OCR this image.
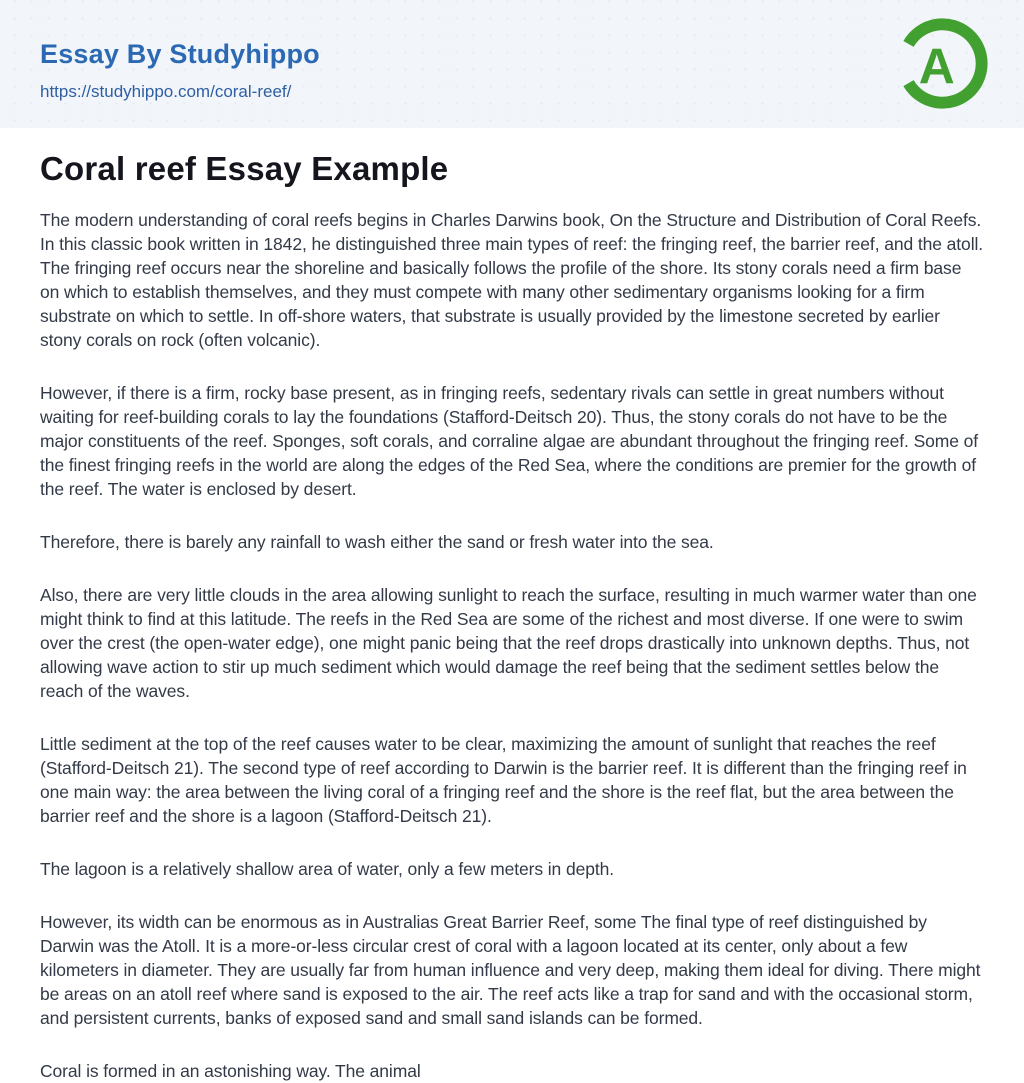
Essay By Studyhippo
https://studyhippo.com/coral-reef/	A
Coral reef Essay Example

The modern understanding of coral reefs begins in Charles Darwins book, On the Structure and Distribution of Coral Reefs. In this classic book written in 1842, he distinguished three main types of reef: the fringing reef, the barrier reef, and the atoll. The fringing reef occurs near the shoreline and basically follows the profile of the shore. Its stony corals need a firm base on which to establish themselves, and they must compete with many other sedimentary organisms looking for a firm substrate on which to settle. In off-shore waters, that substrate is usually provided by the limestone secreted by earlier stony corals on rock (often volcanic).

However, if there is a firm, rocky base present, as in fringing reefs, sedentary rivals can settle in great numbers without waiting for reef-building corals to lay the foundations (Stafford-Deitsch 20). Thus, the stony corals do not have to be the major constituents of the reef. Sponges, soft corals, and corraline algae are abundant throughout the fringing reef. Some of the finest fringing reefs in the world are along the edges of the Red Sea, where the conditions are premier for the growth of the reef. The water is enclosed by desert.

Therefore, there is barely any rainfall to wash either the sand or fresh water into the sea.

Also, there are very little clouds in the area allowing sunlight to reach the surface, resulting in much warmer water than one might think to find at this latitude. The reefs in the Red Sea are some of the richest and most diverse. If one were to swim over the crest (the open-water edge), one might panic being that the reef drops drastically into unknown depths. Thus, not allowing wave action to stir up much sediment which would damage the reef being that the sediment settles below the reach of the waves.

Little sediment at the top of the reef causes water to be clear, maximizing the amount of sunlight that reaches the reef (Stafford-Deitsch 21). The second type of reef according to Darwin is the barrier reef. It is different than the fringing reef in one main way: the area between the living coral of a fringing reef and the shore is the reef flat, but the area between the barrier reef and the shore is a lagoon (Stafford-Deitsch 21).

The lagoon is a relatively shallow area of water, only a few meters in depth.

However, its width can be enormous as in Australias Great Barrier Reef, some The final type of reef distinguished by Darwin was the Atoll. It is a more-or-less circular crest of coral with a lagoon located at its center, only about a few kilometers in diameter. They are usually far from human influence and very deep, making them ideal for diving. There might be areas on an atoll reef where sand is exposed to the air. The reef acts like a trap for sand and with the occasional storm, and persistent currents, banks of exposed sand and small sand islands can be formed.

Coral is formed in an astonishing way. The animal
